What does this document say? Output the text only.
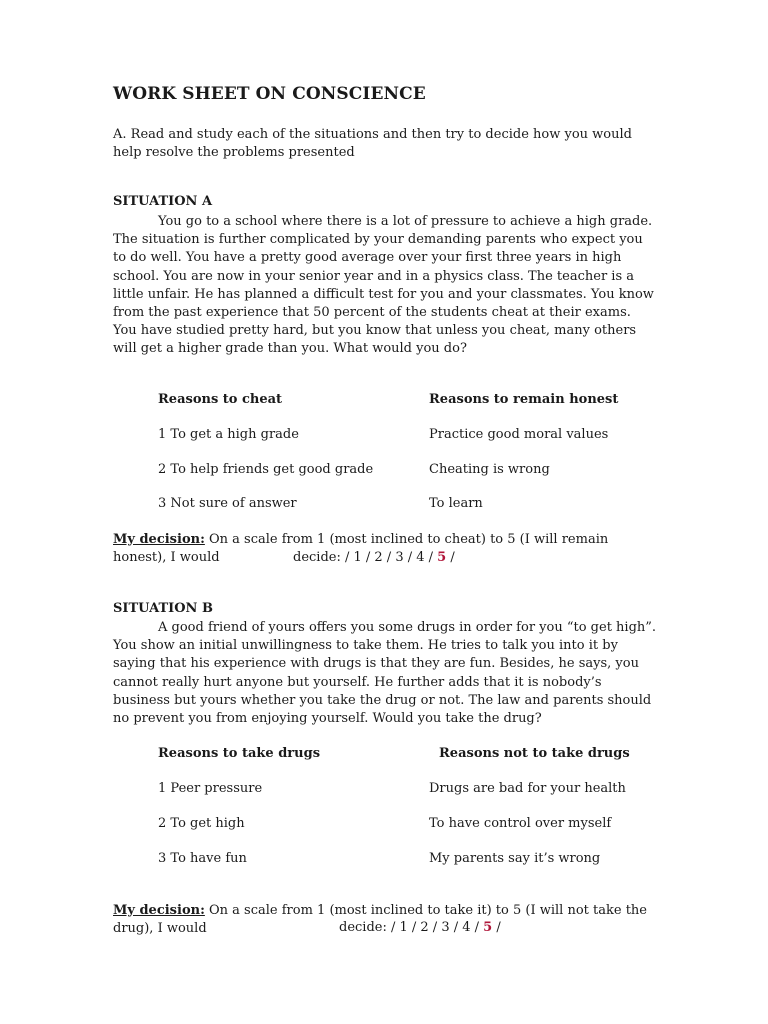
WORK SHEET ON CONSCIENCE
A. Read and study each of the situations and then try to decide how you would help resolve the problems presented
SITUATION A
You go to a school where there is a lot of pressure to achieve a high grade. The situation is further complicated by your demanding parents who expect you to do well. You have a pretty good average over your first three years in high school. You are now in your senior year and in a physics class. The teacher is a little unfair. He has planned a difficult test for you and your classmates. You know from the past experience that 50 percent of the students cheat at their exams. You have studied pretty hard, but you know that unless you cheat, many others will get a higher grade than you. What would you do?
Reasons to cheat	Reasons to remain honest
1 To get a high grade	Practice good moral values
2 To help friends get good grade	Cheating is wrong
3 Not sure of answer	To learn
My decision: On a scale from 1 (most inclined to cheat) to 5 (I will remain honest), I would	decide: / 1 / 2 / 3 / 4 / 5 /
SITUATION B
A good friend of yours offers you some drugs in order for you “to get high”. You show an initial unwillingness to take them. He tries to talk you into it by saying that his experience with drugs is that they are fun. Besides, he says, you cannot really hurt anyone but yourself. He further adds that it is nobody’s business but yours whether you take the drug or not. The law and parents should no prevent you from enjoying yourself. Would you take the drug?
Reasons to take drugs	Reasons not to take drugs
1 Peer pressure	Drugs are bad for your health
2 To get high	To have control over myself
3 To have fun	My parents say it’s wrong
My decision: On a scale from 1 (most inclined to take it) to 5 (I will not take the drug), I would	decide: / 1 / 2 / 3 / 4 / 5 /
